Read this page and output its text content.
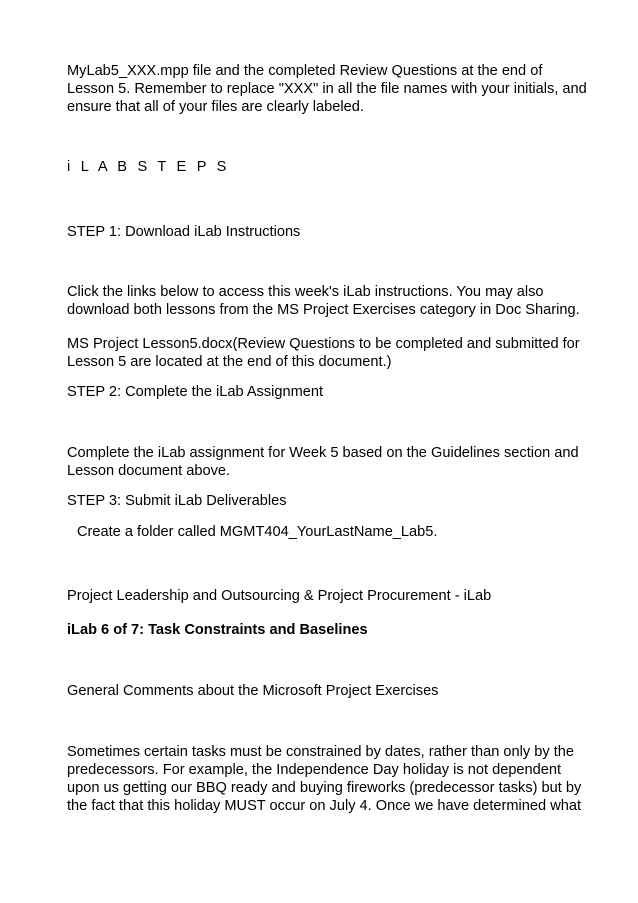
MyLab5_XXX.mpp file and the completed Review Questions at the end of Lesson 5. Remember to replace "XXX" in all the file names with your initials, and ensure that all of your files are clearly labeled.

i L A B S T E P S

STEP 1: Download iLab Instructions

Click the links below to access this week's iLab instructions. You may also download both lessons from the MS Project Exercises category in Doc Sharing.

MS Project Lesson5.docx(Review Questions to be completed and submitted for Lesson 5 are located at the end of this document.)

STEP 2: Complete the iLab Assignment

Complete the iLab assignment for Week 5 based on the Guidelines section and Lesson document above.

STEP 3: Submit iLab Deliverables

Create a folder called MGMT404_YourLastName_Lab5.

Project Leadership and Outsourcing & Project Procurement - iLab

iLab 6 of 7: Task Constraints and Baselines

General Comments about the Microsoft Project Exercises

Sometimes certain tasks must be constrained by dates, rather than only by the predecessors. For example, the Independence Day holiday is not dependent upon us getting our BBQ ready and buying fireworks (predecessor tasks) but by the fact that this holiday MUST occur on July 4. Once we have determined what
